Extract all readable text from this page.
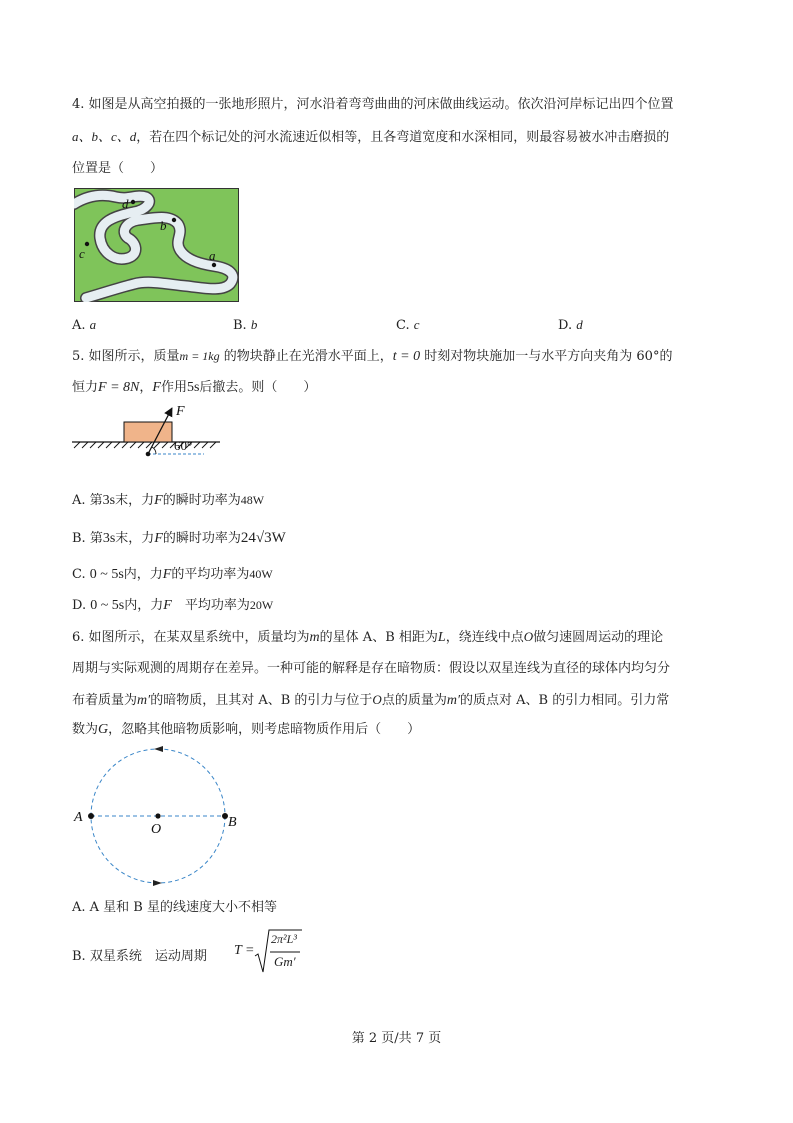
4. 如图是从高空拍摄的一张地形照片，河水沿着弯弯曲曲的河床做曲线运动。依次沿河岸标记出四个位置
a、b、c、d，若在四个标记处的河水流速近似相等，且各弯道宽度和水深相同，则最容易被水冲击磨损的
位置是（　　）
d
b
c	a
A. a	B. b	C. c	D. d
5. 如图所示，质量m = 1kg 的物块静止在光滑水平面上，t = 0 时刻对物块施加一与水平方向夹角为 60°的
恒力F = 8N，F作用5s后撤去。则（　　）
F
60°
A. 第3s末，力F的瞬时功率为48W
B. 第3s末，力F的瞬时功率为24√3W
C. 0 ~ 5s内，力F的平均功率为40W
D. 0 ~ 5s内，力F　平均功率为20W
6. 如图所示，在某双星系统中，质量均为m的星体 A、B 相距为L，绕连线中点O做匀速圆周运动的理论
周期与实际观测的周期存在差异。一种可能的解释是存在暗物质：假设以双星连线为直径的球体内均匀分
布着质量为m′的暗物质，且其对 A、B 的引力与位于O点的质量为m′的质点对 A、B 的引力相同。引力常
数为G，忽略其他暗物质影响，则考虑暗物质作用后（　　）
A	B
O
A. A 星和 B 星的线速度大小不相等
B. 双星系统　运动周期 T =
2π²L³
Gm′
第 2 页/共 7 页
